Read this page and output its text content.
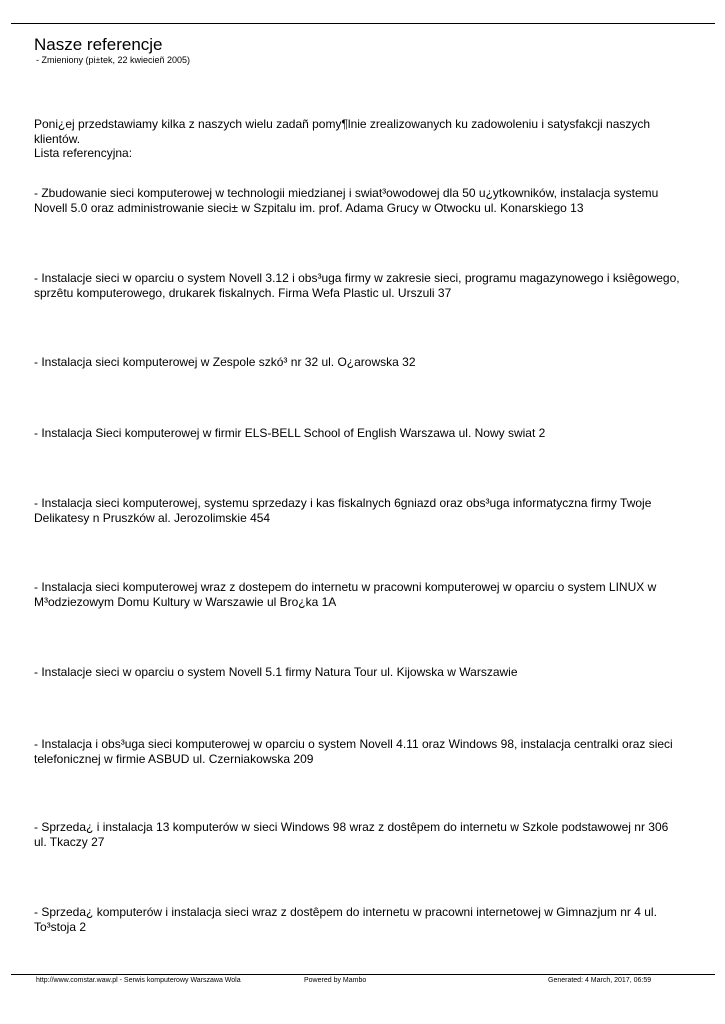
Nasze referencje
- Zmieniony (pi±tek, 22 kwiecieñ 2005)

Poni¿ej przedstawiamy kilka z naszych wielu zadañ pomy¶lnie zrealizowanych ku zadowoleniu i satysfakcji naszych klientów.

Lista referencyjna:

- Zbudowanie sieci komputerowej w technologii miedzianej i swiat³owodowej dla 50 u¿ytkowników, instalacja systemu Novell 5.0 oraz administrowanie sieci± w Szpitalu im. prof. Adama Grucy w Otwocku ul. Konarskiego 13

- Instalacje sieci w oparciu o system Novell 3.12 i obs³uga firmy w zakresie sieci, programu magazynowego i ksiêgowego, sprzêtu komputerowego, drukarek fiskalnych. Firma Wefa Plastic ul. Urszuli 37

- Instalacja sieci komputerowej w Zespole szkó³ nr 32 ul. O¿arowska 32

- Instalacja Sieci komputerowej w firmir ELS-BELL School of English Warszawa ul. Nowy swiat 2

- Instalacja sieci komputerowej, systemu sprzedazy i kas fiskalnych 6gniazd oraz obs³uga informatyczna firmy Twoje Delikatesy n Pruszków al. Jerozolimskie 454

- Instalacja sieci komputerowej wraz z dostepem do internetu w pracowni komputerowej w oparciu o system LINUX w M³odziezowym Domu Kultury w Warszawie ul Bro¿ka 1A

- Instalacje sieci w oparciu o system Novell 5.1 firmy Natura Tour ul. Kijowska w Warszawie

- Instalacja i obs³uga sieci komputerowej w oparciu o system Novell 4.11 oraz Windows 98, instalacja centralki oraz sieci telefonicznej w firmie ASBUD ul. Czerniakowska 209

- Sprzeda¿ i instalacja 13 komputerów w sieci Windows 98 wraz z dostêpem do internetu w Szkole podstawowej nr 306 ul. Tkaczy 27

- Sprzeda¿ komputerów i instalacja sieci wraz z dostêpem do internetu w pracowni internetowej w Gimnazjum nr 4 ul. To³stoja 2

http://www.comstar.waw.pl - Serwis komputerowy Warszawa Wola	Powered by Mambo	Generated: 4 March, 2017, 06:59
